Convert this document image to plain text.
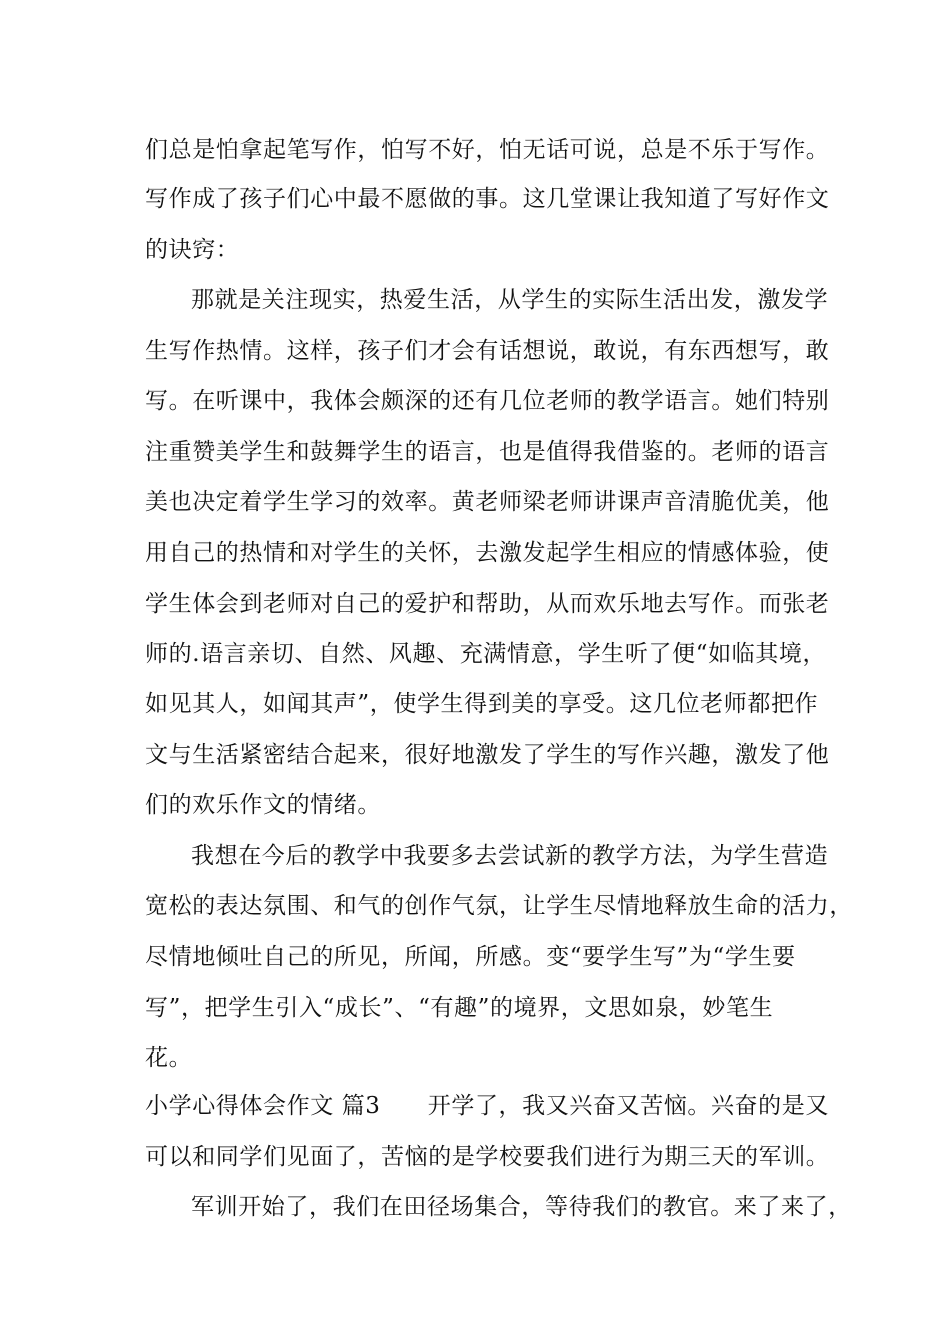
们总是怕拿起笔写作，怕写不好，怕无话可说，总是不乐于写作。
写作成了孩子们心中最不愿做的事。这几堂课让我知道了写好作文
的诀窍：
那就是关注现实，热爱生活，从学生的实际生活出发，激发学
生写作热情。这样，孩子们才会有话想说，敢说，有东西想写，敢
写。在听课中，我体会颇深的还有几位老师的教学语言。她们特别
注重赞美学生和鼓舞学生的语言，也是值得我借鉴的。老师的语言
美也决定着学生学习的效率。黄老师梁老师讲课声音清脆优美，他
用自己的热情和对学生的关怀，去激发起学生相应的情感体验，使
学生体会到老师对自己的爱护和帮助，从而欢乐地去写作。而张老
师的.语言亲切、自然、风趣、充满情意，学生听了便“如临其境，
如见其人，如闻其声”，使学生得到美的享受。这几位老师都把作
文与生活紧密结合起来，很好地激发了学生的写作兴趣，激发了他
们的欢乐作文的情绪。
我想在今后的教学中我要多去尝试新的教学方法，为学生营造
宽松的表达氛围、和气的创作气氛，让学生尽情地释放生命的活力，
尽情地倾吐自己的所见，所闻，所感。变“要学生写”为“学生要
写”，把学生引入“成长”、“有趣”的境界，文思如泉，妙笔生
花。
小学心得体会作文 篇3　　开学了，我又兴奋又苦恼。兴奋的是又
可以和同学们见面了，苦恼的是学校要我们进行为期三天的军训。
军训开始了，我们在田径场集合，等待我们的教官。来了来了，
